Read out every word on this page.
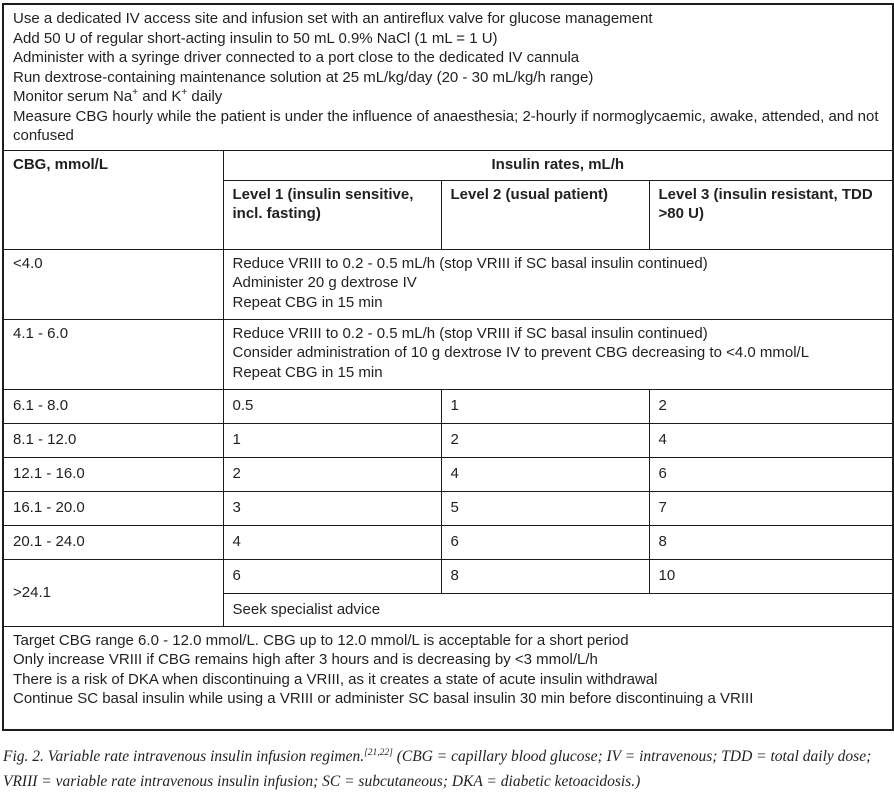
Use a dedicated IV access site and infusion set with an antireflux valve for glucose management
Add 50 U of regular short-acting insulin to 50 mL 0.9% NaCl (1 mL = 1 U)
Administer with a syringe driver connected to a port close to the dedicated IV cannula
Run dextrose-containing maintenance solution at 25 mL/kg/day (20 - 30 mL/kg/h range)
Monitor serum Na+ and K+ daily
Measure CBG hourly while the patient is under the influence of anaesthesia; 2-hourly if normoglycaemic, awake, attended, and not confused

CBG, mmol/L	Insulin rates, mL/h		
	Level 1 (insulin sensitive, incl. fasting)	Level 2 (usual patient)	Level 3 (insulin resistant, TDD >80 U)
<4.0	Reduce VRIII to 0.2 - 0.5 mL/h (stop VRIII if SC basal insulin continued)
Administer 20 g dextrose IV
Repeat CBG in 15 min		

4.1 - 6.0	Reduce VRIII to 0.2 - 0.5 mL/h (stop VRIII if SC basal insulin continued)
Consider administration of 10 g dextrose IV to prevent CBG decreasing to <4.0 mmol/L
Repeat CBG in 15 min		

6.1 - 8.0	0.5	1	2
8.1 - 12.0	1	2	4
12.1 - 16.0	2	4	6
16.1 - 20.0	3	5	7
20.1 - 24.0	4	6	8
>24.1	6	8	10
	Seek specialist advice		

Target CBG range 6.0 - 12.0 mmol/L. CBG up to 12.0 mmol/L is acceptable for a short period
Only increase VRIII if CBG remains high after 3 hours and is decreasing by <3 mmol/L/h
There is a risk of DKA when discontinuing a VRIII, as it creates a state of acute insulin withdrawal
Continue SC basal insulin while using a VRIII or administer SC basal insulin 30 min before discontinuing a VRIII			
Fig. 2. Variable rate intravenous insulin infusion regimen.[21,22] (CBG = capillary blood glucose; IV = intravenous; TDD = total daily dose; VRIII = variable rate intravenous insulin infusion; SC = subcutaneous; DKA = diabetic ketoacidosis.)
